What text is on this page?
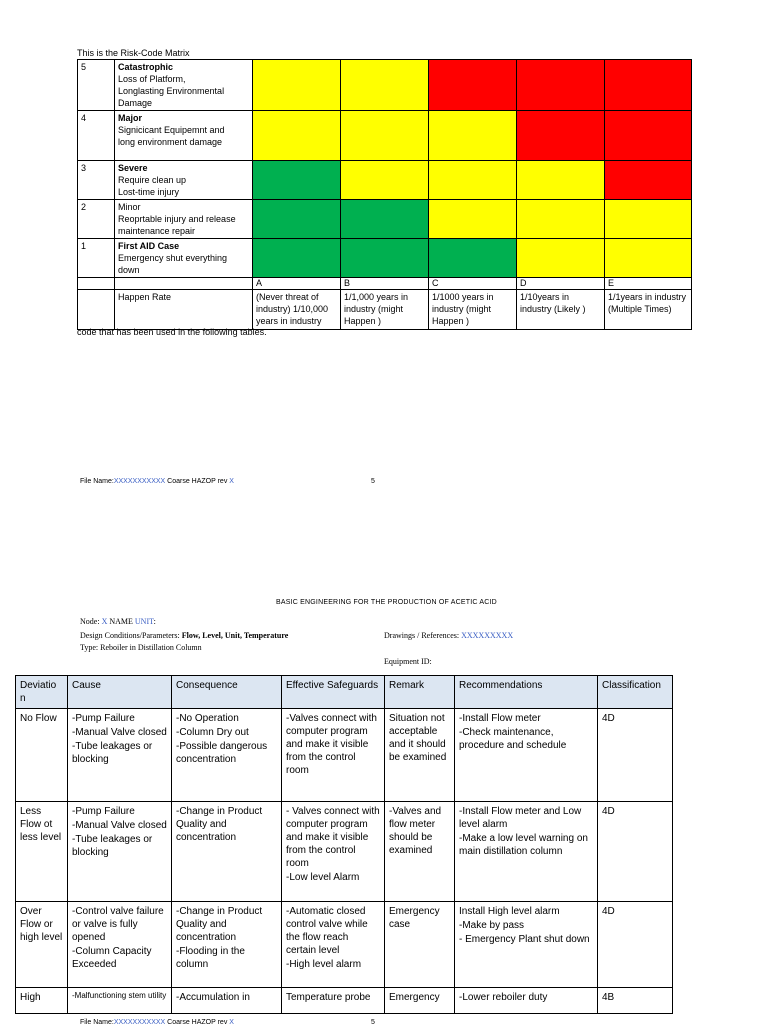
This is the Risk-Code Matrix
5	Catastrophic
Loss of Platform,
Longlasting Environmental
Damage					

4	Major
Signicicant Equipemnt and
long environment damage					

3	Severe
Require clean up
Lost-time injury					

2	Minor
Reoprtable injury and release
maintenance repair					

1	First AID Case
Emergency shut everything
down					

		A	B	C	D	E
	Happen Rate	(Never threat of industry) 1/10,000 years in industry	1/1,000 years in industry (might Happen )	1/1000 years in industry (might Happen )	1/10years in industry (Likely )	1/1years in industry (Multiple Times)
code that has been used in the following tables.
File Name:XXXXXXXXXXX Coarse HAZOP rev X	5
BASIC ENGINEERING FOR THE PRODUCTION OF ACETIC ACID
Node: X NAME UNIT:
Design Conditions/Parameters: Flow, Level, Unit, Temperature	Drawings / References: XXXXXXXXX
Type: Reboiler in Distillation Column
Equipment ID:
Deviatio n	Cause	Consequence	Effective Safeguards	Remark	Recommendations	Classification
No Flow	-Pump Failure
-Manual Valve closed
-Tube leakages or blocking	-No Operation
-Column Dry out
-Possible dangerous concentration	-Valves connect with computer program and make it visible from the control room	Situation not acceptable and it should be examined	-Install Flow meter
-Check maintenance, procedure and schedule	4D
Less Flow ot less level	-Pump Failure
-Manual Valve closed
-Tube leakages or blocking	-Change in Product Quality and concentration	- Valves connect with computer program and make it visible from the control room
-Low level Alarm	-Valves and flow meter should be examined	-Install Flow meter and Low level alarm
-Make a low level warning on main distillation column	4D
Over Flow or high level	-Control valve failure or valve is fully opened
-Column Capacity Exceeded	-Change in Product Quality and concentration
-Flooding in the column	-Automatic closed control valve while the flow reach certain level
-High level alarm	Emergency case	Install High level alarm
-Make by pass
- Emergency Plant shut down	4D
High	-Malfunctioning stem utility	-Accumulation in	Temperature probe	Emergency	-Lower reboiler duty	4B
File Name:XXXXXXXXXXX Coarse HAZOP rev X	5
